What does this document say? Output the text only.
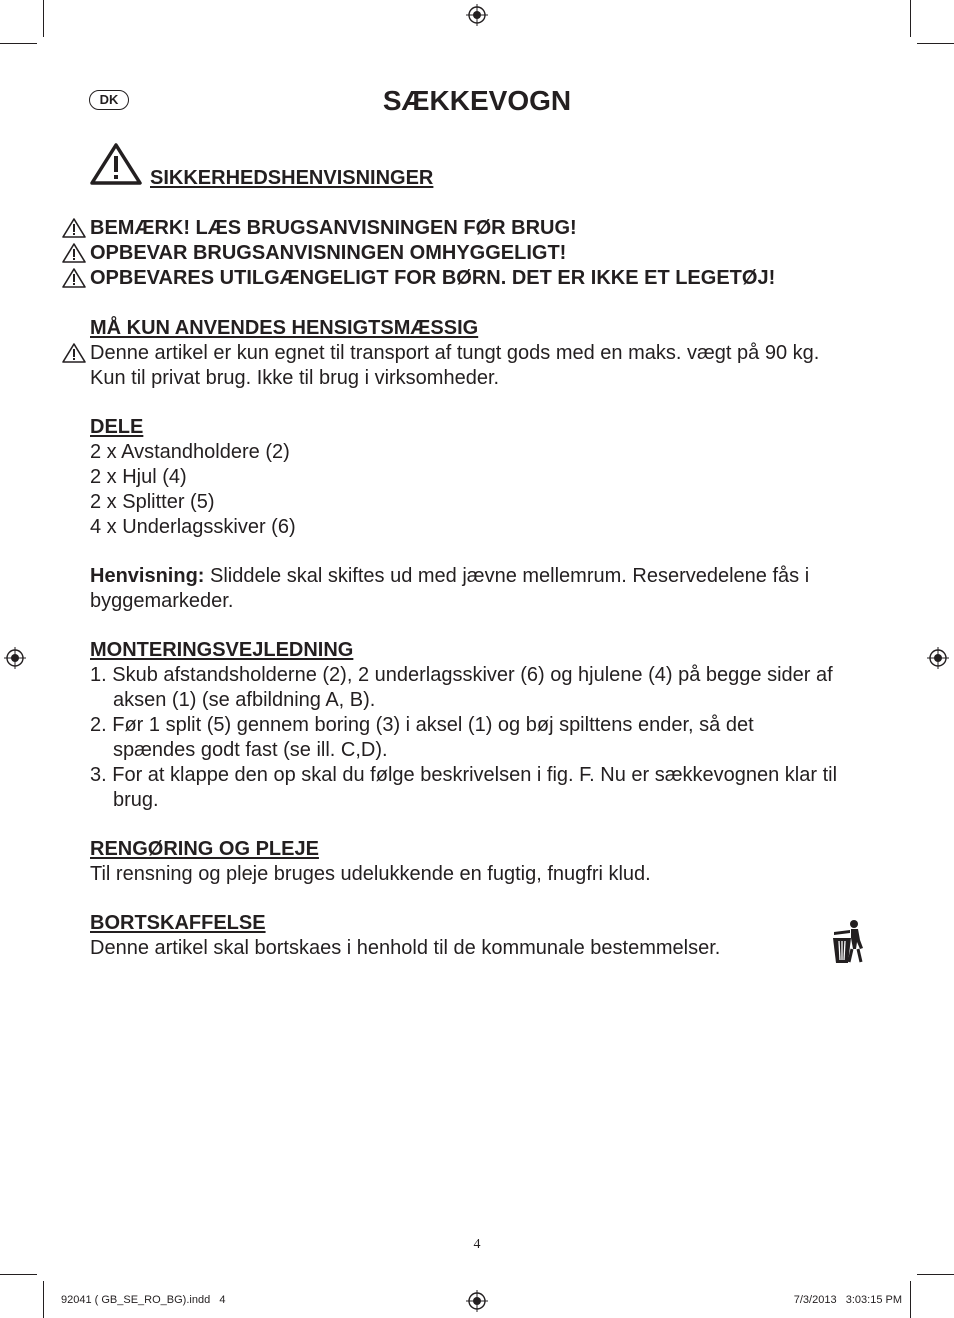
DK	SÆKKEVOGN
SIKKERHEDSHENVISNINGER
BEMÆRK! LÆS BRUGSANVISNINGEN FØR BRUG!
OPBEVAR BRUGSANVISNINGEN OMHYGGELIGT!
OPBEVARES UTILGÆNGELIGT FOR BØRN. DET ER IKKE ET LEGETØJ!
MÅ KUN ANVENDES HENSIGTSMÆSSIG
Denne artikel er kun egnet til transport af tungt gods med en maks. vægt på 90 kg.
Kun til privat brug. Ikke til brug i virksomheder.
DELE
2 x Avstandholdere (2)
2 x Hjul (4)
2 x Splitter (5)
4 x Underlagsskiver (6)
Henvisning: Sliddele skal skiftes ud med jævne mellemrum. Reservedelene fås i
byggemarkeder.
MONTERINGSVEJLEDNING
1. Skub afstandsholderne (2), 2 underlagsskiver (6) og hjulene (4) på begge sider af
aksen (1) (se afbildning A, B).
2. Før 1 split (5) gennem boring (3) i aksel (1) og bøj spilttens ender, så det
spændes godt fast (se ill. C,D).
3. For at klappe den op skal du følge beskrivelsen i fig. F. Nu er sækkevognen klar til
brug.
RENGØRING OG PLEJE
Til rensning og pleje bruges udelukkende en fugtig, fnugfri klud.
BORTSKAFFELSE
Denne artikel skal bortskaes i henhold til de kommunale bestemmelser.
4
92041 ( GB_SE_RO_BG).indd   4	7/3/2013   3:03:15 PM
